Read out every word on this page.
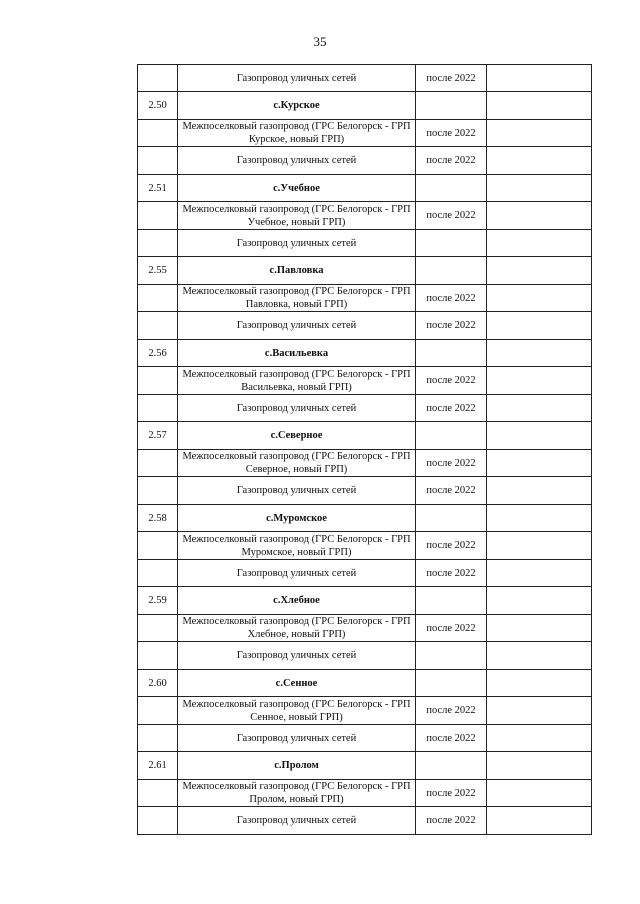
35
	Газопровод уличных сетей	после 2022	
2.50	с.Курское		
	Межпоселковый газопровод (ГРС Белогорск - ГРП Курское, новый ГРП)	после 2022	
	Газопровод уличных сетей	после 2022	
2.51	с.Учебное		
	Межпоселковый газопровод (ГРС Белогорск - ГРП Учебное, новый ГРП)	после 2022	
	Газопровод уличных сетей		
2.55	с.Павловка		
	Межпоселковый газопровод (ГРС Белогорск - ГРП Павловка, новый ГРП)	после 2022	
	Газопровод уличных сетей	после 2022	
2.56	с.Васильевка		
	Межпоселковый газопровод (ГРС Белогорск - ГРП Васильевка, новый ГРП)	после 2022	
	Газопровод уличных сетей	после 2022	
2.57	с.Северное		
	Межпоселковый газопровод (ГРС Белогорск - ГРП Северное, новый ГРП)	после 2022	
	Газопровод уличных сетей	после 2022	
2.58	с.Муромское		
	Межпоселковый газопровод (ГРС Белогорск - ГРП Муромское, новый ГРП)	после 2022	
	Газопровод уличных сетей	после 2022	
2.59	с.Хлебное		
	Межпоселковый газопровод (ГРС Белогорск - ГРП Хлебное, новый ГРП)	после 2022	
	Газопровод уличных сетей		
2.60	с.Сенное		
	Межпоселковый газопровод (ГРС Белогорск - ГРП Сенное, новый ГРП)	после 2022	
	Газопровод уличных сетей	после 2022	
2.61	с.Пролом		
	Межпоселковый газопровод (ГРС Белогорск - ГРП Пролом, новый ГРП)	после 2022	
	Газопровод уличных сетей	после 2022	
